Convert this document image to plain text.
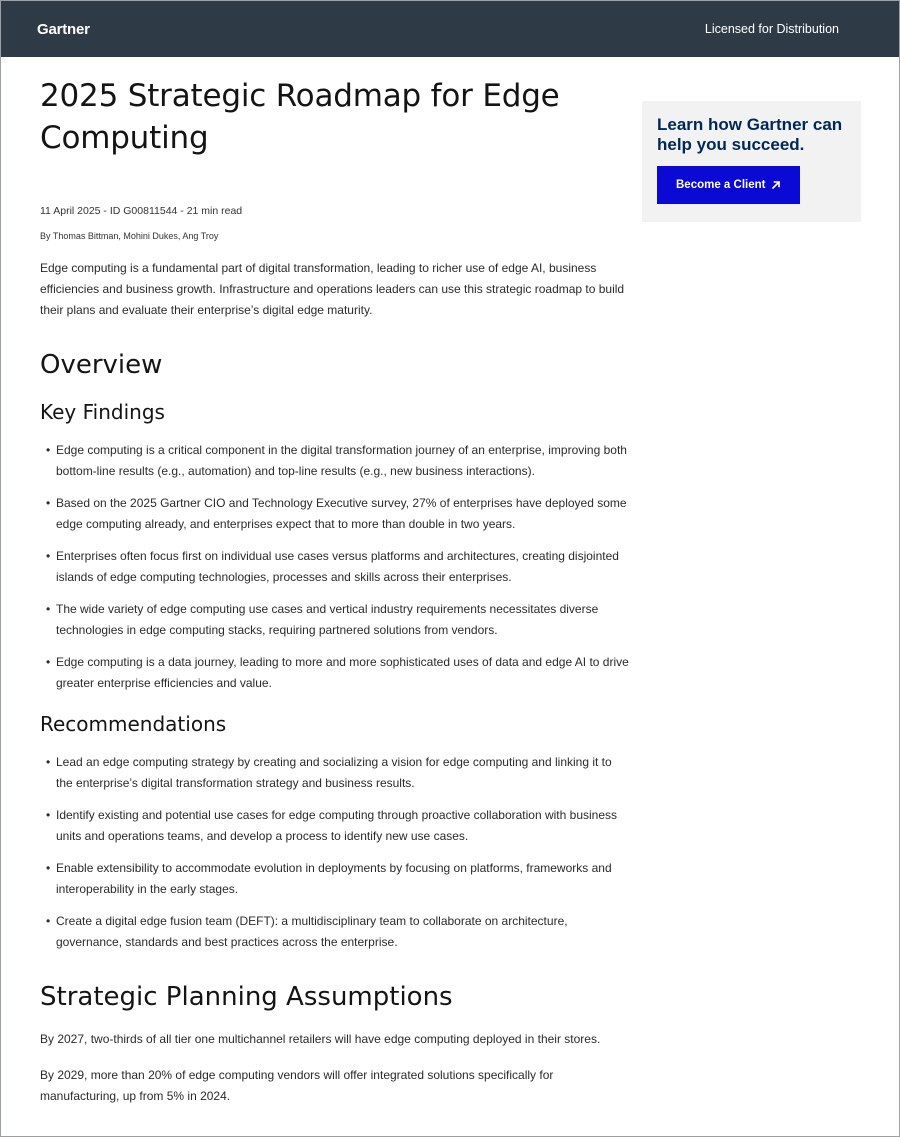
Gartner	Licensed for Distribution
2025 Strategic Roadmap for Edge Computing
11 April 2025 - ID G00811544 - 21 min read
By Thomas Bittman, Mohini Dukes, Ang Troy
Edge computing is a fundamental part of digital transformation, leading to richer use of edge AI, business efficiencies and business growth. Infrastructure and operations leaders can use this strategic roadmap to build their plans and evaluate their enterprise’s digital edge maturity.
Overview
Key Findings
• Edge computing is a critical component in the digital transformation journey of an enterprise, improving both bottom-line results (e.g., automation) and top-line results (e.g., new business interactions).
• Based on the 2025 Gartner CIO and Technology Executive survey, 27% of enterprises have deployed some edge computing already, and enterprises expect that to more than double in two years.
• Enterprises often focus first on individual use cases versus platforms and architectures, creating disjointed islands of edge computing technologies, processes and skills across their enterprises.
• The wide variety of edge computing use cases and vertical industry requirements necessitates diverse technologies in edge computing stacks, requiring partnered solutions from vendors.
• Edge computing is a data journey, leading to more and more sophisticated uses of data and edge AI to drive greater enterprise efficiencies and value.
Recommendations
• Lead an edge computing strategy by creating and socializing a vision for edge computing and linking it to the enterprise’s digital transformation strategy and business results.
• Identify existing and potential use cases for edge computing through proactive collaboration with business units and operations teams, and develop a process to identify new use cases.
• Enable extensibility to accommodate evolution in deployments by focusing on platforms, frameworks and interoperability in the early stages.
• Create a digital edge fusion team (DEFT): a multidisciplinary team to collaborate on architecture, governance, standards and best practices across the enterprise.
Strategic Planning Assumptions

By 2027, two-thirds of all tier one multichannel retailers will have edge computing deployed in their stores.

By 2029, more than 20% of edge computing vendors will offer integrated solutions specifically for manufacturing, up from 5% in 2024.

Learn how Gartner can help you succeed.

Become a Client
